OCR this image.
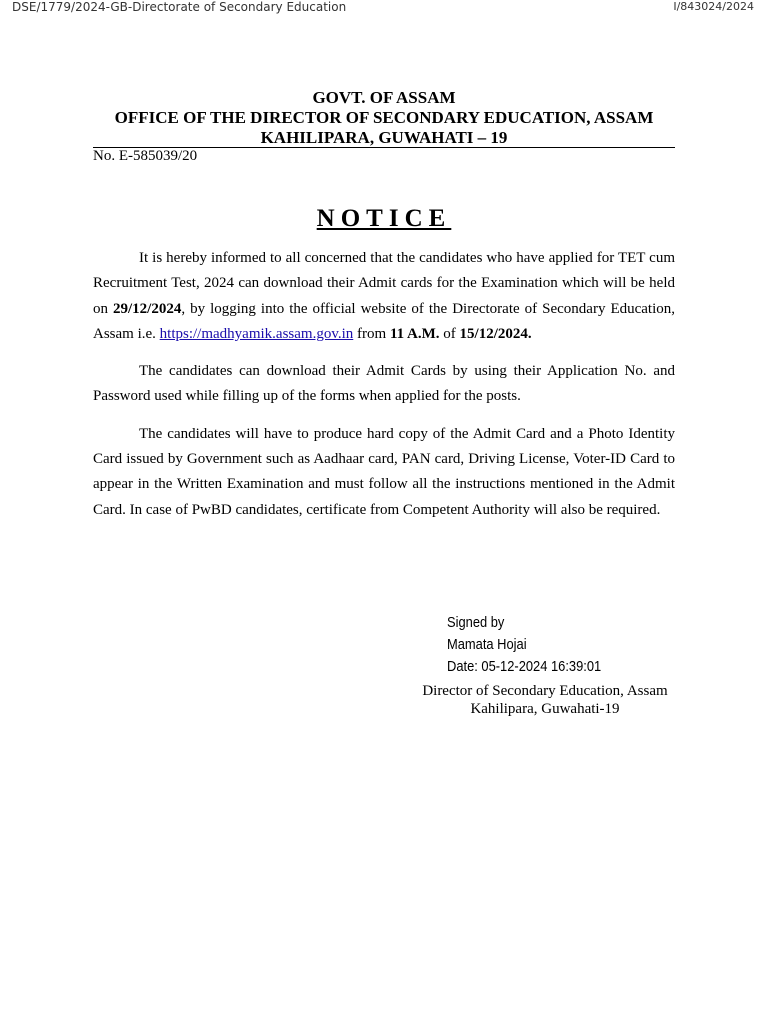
DSE/1779/2024-GB-Directorate of Secondary Education	I/843024/2024
GOVT. OF ASSAM
OFFICE OF THE DIRECTOR OF SECONDARY EDUCATION, ASSAM
KAHILIPARA, GUWAHATI – 19
No. E-585039/20
NOTICE

It is hereby informed to all concerned that the candidates who have applied for TET cum Recruitment Test, 2024 can download their Admit cards for the Examination which will be held on 29/12/2024, by logging into the official website of the Directorate of Secondary Education, Assam i.e. https://madhyamik.assam.gov.in from 11 A.M. of 15/12/2024.

The candidates can download their Admit Cards by using their Application No. and Password used while filling up of the forms when applied for the posts.

The candidates will have to produce hard copy of the Admit Card and a Photo Identity Card issued by Government such as Aadhaar card, PAN card, Driving License, Voter-ID Card to appear in the Written Examination and must follow all the instructions mentioned in the Admit Card. In case of PwBD candidates, certificate from Competent Authority will also be required.

Signed by
Mamata Hojai
Date: 05-12-2024 16:39:01
Director of Secondary Education, Assam
Kahilipara, Guwahati-19
